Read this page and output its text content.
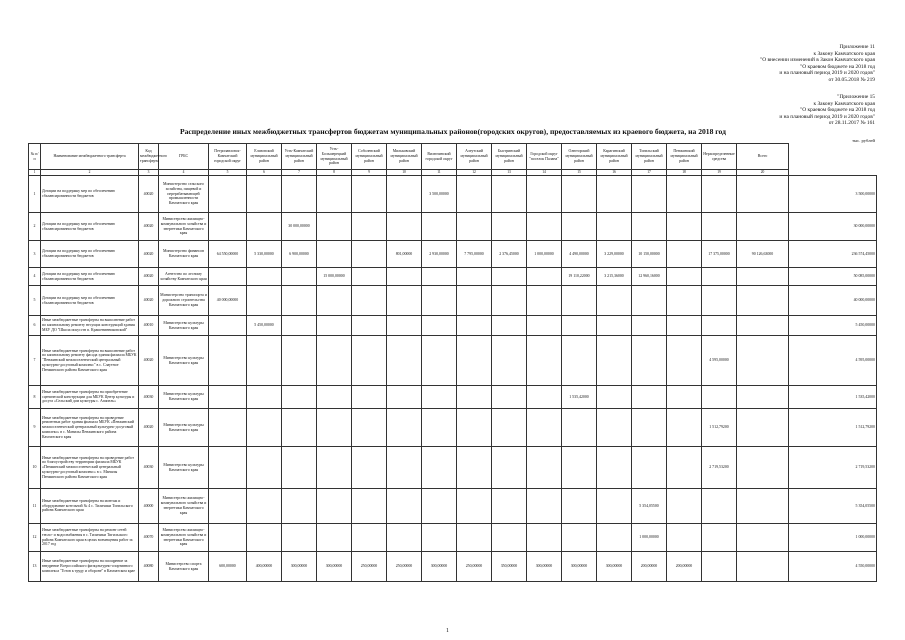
Приложение 11
к Закону Камчатского края
"О внесении изменений в Закон Камчатского края
"О краевом бюджете на 2018 год
и на плановый период 2019 и 2020 годов"
от 30.05.2018 № 219
"Приложение 15
к Закону Камчатского края
"О краевом бюджете на 2018 год
и на плановый период 2019 и 2020 годов"
от 28.11.2017 № 161
Распределение иных межбюджетных трансфертов бюджетам муниципальных районов(городских округов), предоставляемых из краевого бюджета, на 2018 год
тыс. рублей
№ п/п	Наименование межбюджетного трансферта	Код межбюджетного трансферта	ГРБС	Петропавловск-Камчатский городской округ	Елизовский муниципальный район	Усть-Камчатский муниципальный район	Усть-Большерецкий муниципальный район	Соболевский муниципальный район	Мильковский муниципальный район	Вилючинский городской округ	Алеутский муниципальный район	Быстринский муниципальный район	Городской округ "поселок Палана"	Олюторский муниципальный район	Карагинский муниципальный район	Тигильский муниципальный район	Пенжинский муниципальный район	Нераспределенные средства	Всего	
1	2	3	4	5	6	7	8	9	10	11	12	13	14	15	16	17	18	19	20	
1	Дотации на поддержку мер по обеспечению сбалансированности бюджетов	40020	Министерство сельского хозяйства, пищевой и перерабатывающей промышленности Камчатского края							3 500,00000										3 500,00000
2	Дотации на поддержку мер по обеспечению сбалансированности бюджетов	40020	Министерство жилищно-коммунального хозяйства и энергетики Камчатского края			30 000,00000														30 000,00000
3	Дотации на поддержку мер по обеспечению сбалансированности бюджетов	40020	Министерство финансов Камчатского края	64 550,00000	5 330,00000	6 900,00000			801,00000	2 930,00000	7 795,00000	2 376,45000	1 000,00000	4 490,00000	3 229,00000	10 150,00000		17 375,00000	90 126,63000	236 574,45000
4	Дотации на поддержку мер по обеспечению сбалансированности бюджетов	40020	Агентство по лесному хозяйству Камчатского края				15 000,00000							19 110,22000	3 215,36000	12 960,16000				50 085,00000
5	Дотации на поддержку мер по обеспечению сбалансированности бюджетов	40020	Министерство транспорта и дорожного строительства Камчатского края	40 000,00000																40 000,00000
6	Иные межбюджетные трансферты на выполнение работ по капитальному ремонту несущих конструкций здания МБУ ДО "Школа искусств п. Крашенинниковский"	40010	Министерство культуры Камчатского края		5 450,00000															5 450,00000
7	Иные межбюджетные трансферты на выполнение работ по капитальному ремонту фасада здания филиала МБУК "Пенжинский межпоселенческий центральный культурно-досуговый комплекс" в с. Слаутное Пенжинского района Камчатского края	40020	Министерство культуры Камчатского края															4 595,00000		4 595,00000
8	Иные межбюджетные трансферты на приобретение сценической конструкции для МБУК Центр культуры и досуга «Сельский дом культуры с. Апапель»	40030	Министерство культуры Камчатского края											1 535,42000						1 535,42000
9	Иные межбюджетные трансферты на проведение ремонтных работ здания филиала МБУК «Пенжинский межпоселенческий центральный культурно-досуговый комплекс» в с. Манилы Пенжинского района Камчатского края	40020	Министерство культуры Камчатского края															1 512,79200		1 512,79200
10	Иные межбюджетные трансферты на проведение работ по благоустройству территории филиала МБУК «Пенжинский межпоселенческий центральный культурно-досуговый комплекс» в с. Манилы Пенжинского района Камчатского края	40030	Министерство культуры Камчатского края															2 719,53200		2 719,53200
11	Иные межбюджетные трансферты на монтаж и оборудование котельной № 4 с. Тиличики Тигильского района Камчатского края	40000	Министерство жилищно-коммунального хозяйства и энергетики Камчатского края													5 354,05500				5 354,05500
12	Иные межбюджетные трансферты на ремонт сетей тепло- и водоснабжения в с. Тиличики Тигильского района Камчатского края в целях возмещения работ за 2017 год	40070	Министерство жилищно-коммунального хозяйства и энергетики Камчатского края													1 000,00000				1 000,00000
13	Иные межбюджетные трансферты на поощрение за внедрение Всероссийского физкультурно-спортивного комплекса "Готов к труду и обороне" в Камчатском крае	40080	Министерство спорта Камчатского края	600,00000	400,00000	300,00000	300,00000	250,00000	250,00000	300,00000	250,00000	350,00000	300,00000	300,00000	300,00000	200,00000	200,00000			4 550,00000
1
